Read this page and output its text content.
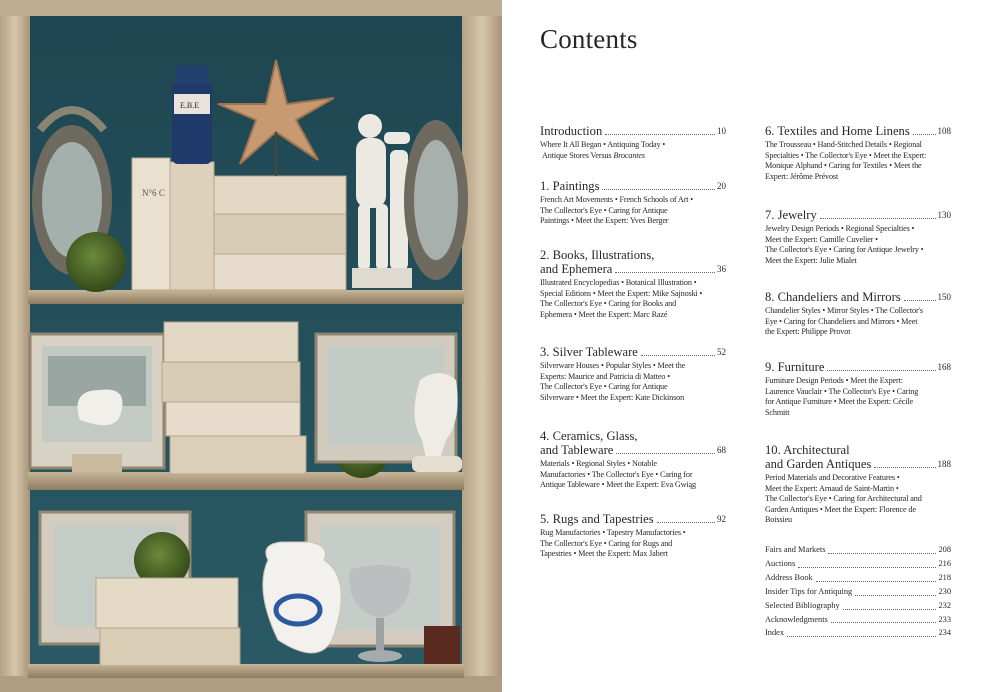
N°6 C
E.B.E
Contents
Introduction	10
Where It All Began • Antiquing Today •
Antique Stores Versus Brocantes
1. Paintings	20
French Art Movements • French Schools of Art •
The Collector's Eye • Caring for Antique
Paintings • Meet the Expert: Yves Berger
2. Books, Illustrations,
and Ephemera	36
Illustrated Encyclopedias • Botanical Illustration •
Special Editions • Meet the Expert: Mike Sajnoski •
The Collector's Eye • Caring for Books and
Ephemera • Meet the Expert: Marc Razé
3. Silver Tableware	52
Silverware Houses • Popular Styles • Meet the
Experts: Maurice and Patricia di Matteo •
The Collector's Eye • Caring for Antique
Silverware • Meet the Expert: Kate Dickinson
4. Ceramics, Glass,
and Tableware	68
Materials • Regional Styles • Notable
Manufactories • The Collector's Eye • Caring for
Antique Tableware • Meet the Expert: Eva Gwiąg
5. Rugs and Tapestries	92
Rug Manufactories • Tapestry Manufactories •
The Collector's Eye • Caring for Rugs and
Tapestries • Meet the Expert: Max Jabert
6. Textiles and Home Linens	108
The Trousseau • Hand-Stitched Details • Regional
Specialties • The Collector's Eye • Meet the Expert:
Monique Alphand • Caring for Textiles • Meet the
Expert: Jérôme Prévost
7. Jewelry	130
Jewelry Design Periods • Regional Specialties •
Meet the Expert: Camille Cuvelier •
The Collector's Eye • Caring for Antique Jewelry •
Meet the Expert: Julie Mialet
8. Chandeliers and Mirrors	150
Chandelier Styles • Mirror Styles • The Collector's
Eye • Caring for Chandeliers and Mirrors • Meet
the Expert: Philippe Provot
9. Furniture	168
Furniture Design Periods • Meet the Expert:
Laurence Vauclair • The Collector's Eye • Caring
for Antique Furniture • Meet the Expert: Cécile
Schmitt
10. Architectural
and Garden Antiques	188
Period Materials and Decorative Features •
Meet the Expert: Arnaud de Saint-Martin •
The Collector's Eye • Caring for Architectural and
Garden Antiques • Meet the Expert: Florence de
Boissieu
Fairs and Markets	208
Auctions	216
Address Book	218
Insider Tips for Antiquing	230
Selected Bibliography	232
Acknowledgments	233
Index	234
